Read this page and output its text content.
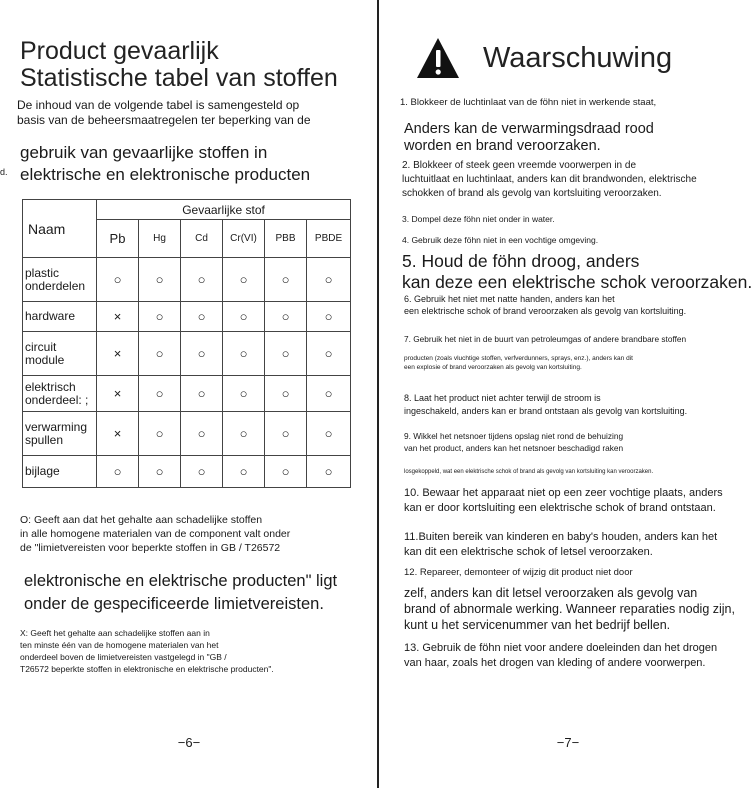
Product gevaarlijk

Statistische tabel van stoffen

De inhoud van de volgende tabel is samengesteld op

basis van de beheersmaatregelen ter beperking van de

gebruik van gevaarlijke stoffen in

elektrische en elektronische producten

d.

Naam	Gevaarlijke stof					
	Pb	Hg	Cd	Cr(VI)	PBB	PBDE
plastic
onderdelen	○	○	○	○	○	○
hardware	×	○	○	○	○	○
circuit
module	×	○	○	○	○	○
elektrisch
onderdeel: ;	×	○	○	○	○	○
verwarming
spullen	×	○	○	○	○	○
bijlage	○	○	○	○	○	○

O: Geeft aan dat het gehalte aan schadelijke stoffen

in alle homogene materialen van de component valt onder

de "limietvereisten voor beperkte stoffen in GB / T26572

elektronische en elektrische producten" ligt

onder de gespecificeerde limietvereisten.

X: Geeft het gehalte aan schadelijke stoffen aan in

ten minste één van de homogene materialen van het

onderdeel boven de limietvereisten vastgelegd in "GB /

T26572 beperkte stoffen in elektronische en elektrische producten".

−6−

Waarschuwing

1. Blokkeer de luchtinlaat van de föhn niet in werkende staat,

Anders kan de verwarmingsdraad rood

worden en brand veroorzaken.

2. Blokkeer of steek geen vreemde voorwerpen in de

luchtuitlaat en luchtinlaat, anders kan dit brandwonden, elektrische

schokken of brand als gevolg van kortsluiting veroorzaken.

3. Dompel deze föhn niet onder in water.

4. Gebruik deze föhn niet in een vochtige omgeving.

5. Houd de föhn droog, anders

kan deze een elektrische schok veroorzaken.

6. Gebruik het niet met natte handen, anders kan het

een elektrische schok of brand veroorzaken als gevolg van kortsluiting.

7. Gebruik het niet in de buurt van petroleumgas of andere brandbare stoffen

producten (zoals vluchtige stoffen, verfverdunners, sprays, enz.), anders kan dit

een explosie of brand veroorzaken als gevolg van kortsluiting.

8. Laat het product niet achter terwijl de stroom is

ingeschakeld, anders kan er brand ontstaan als gevolg van kortsluiting.

9. Wikkel het netsnoer tijdens opslag niet rond de behuizing

van het product, anders kan het netsnoer beschadigd raken

losgekoppeld, wat een elektrische schok of brand als gevolg van kortsluiting kan veroorzaken.

10. Bewaar het apparaat niet op een zeer vochtige plaats, anders

kan er door kortsluiting een elektrische schok of brand ontstaan.

11.Buiten bereik van kinderen en baby's houden, anders kan het

kan dit een elektrische schok of letsel veroorzaken.

12. Repareer, demonteer of wijzig dit product niet door

zelf, anders kan dit letsel veroorzaken als gevolg van

brand of abnormale werking. Wanneer reparaties nodig zijn,

kunt u het servicenummer van het bedrijf bellen.

13. Gebruik de föhn niet voor andere doeleinden dan het drogen

van haar, zoals het drogen van kleding of andere voorwerpen.

−7−
